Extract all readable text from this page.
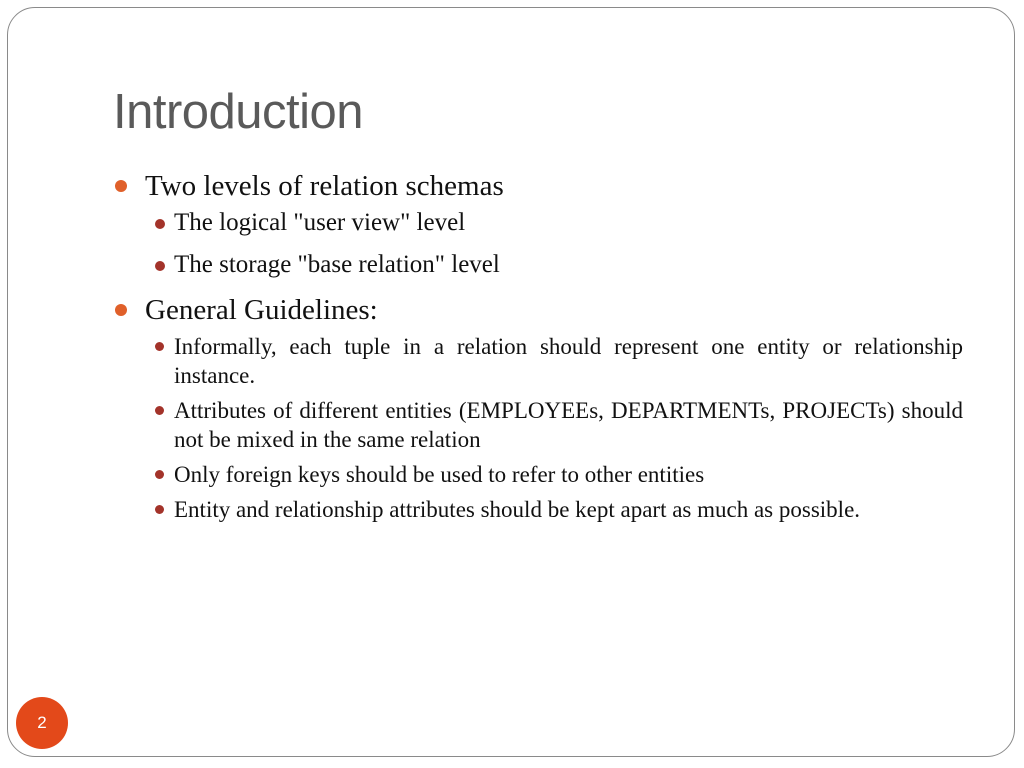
Introduction
Two levels of relation schemas
The logical "user view" level
The storage "base relation" level
General Guidelines:
Informally, each tuple in a relation should represent one entity or relationship instance.
Attributes of different entities (EMPLOYEEs, DEPARTMENTs, PROJECTs) should not be mixed in the same relation
Only foreign keys should be used to refer to other entities
Entity and relationship attributes should be kept apart as much as possible.
2
